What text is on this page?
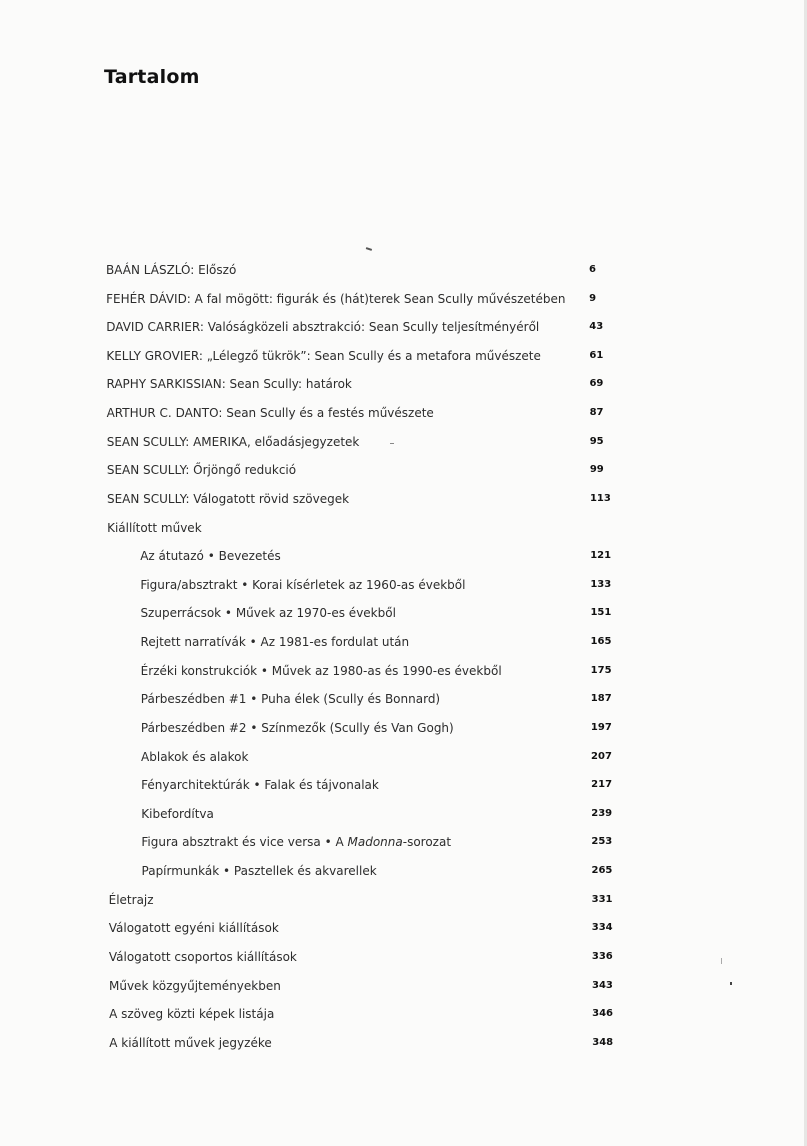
Tartalom
BAÁN LÁSZLÓ: Előszó	6
FEHÉR DÁVID: A fal mögött: figurák és (hát)terek Sean Scully művészetében 9
DAVID CARRIER: Valóságközeli absztrakció: Sean Scully teljesítményéről	43
KELLY GROVIER: „Lélegző tükrök”: Sean Scully és a metafora művészete	61
RAPHY SARKISSIAN: Sean Scully: határok	69
ARTHUR C. DANTO: Sean Scully és a festés művészete	87
SEAN SCULLY: AMERIKA, előadásjegyzetek	95
SEAN SCULLY: Őrjöngő redukció	99
SEAN SCULLY: Válogatott rövid szövegek	113
Kiállított művek
Az átutazó • Bevezetés	121
Figura/absztrakt • Korai kísérletek az 1960-as évekből	133
Szuperrácsok • Művek az 1970-es évekből	151
Rejtett narratívák • Az 1981-es fordulat után	165
Érzéki konstrukciók • Művek az 1980-as és 1990-es évekből	175
Párbeszédben #1 • Puha élek (Scully és Bonnard)	187
Párbeszédben #2 • Színmezők (Scully és Van Gogh)	197
Ablakok és alakok	207
Fényarchitektúrák • Falak és tájvonalak	217
Kibefordítva	239
Figura absztrakt és vice versa • A Madonna-sorozat	253
Papírmunkák • Pasztellek és akvarellek	265
Életrajz	331
Válogatott egyéni kiállítások	334
Válogatott csoportos kiállítások	336
Művek közgyűjteményekben	343
A szöveg közti képek listája	346
A kiállított művek jegyzéke	348
